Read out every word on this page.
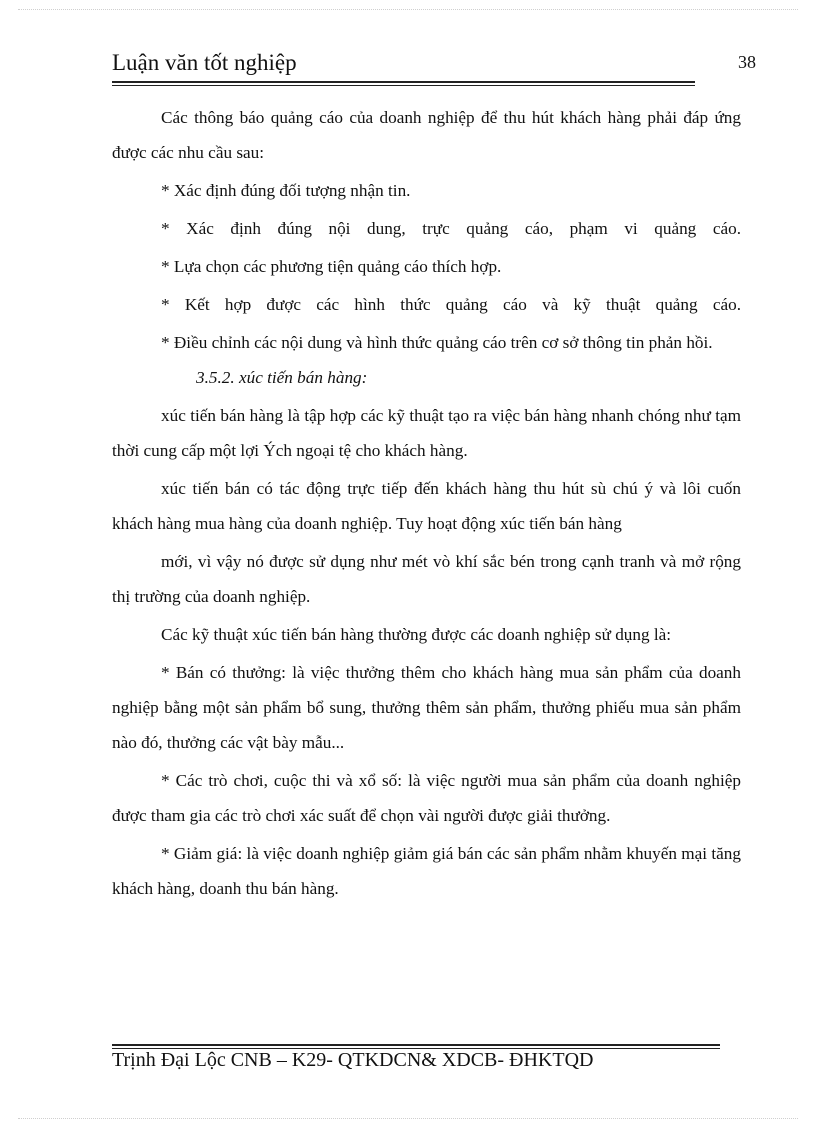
Luận văn tốt nghiệp	38

Các thông báo quảng cáo của doanh nghiệp để thu hút khách hàng phải đáp ứng được các nhu cầu sau:

* Xác định đúng đối tượng nhận tin.

* Xác định đúng nội dung, trực quảng cáo, phạm vi quảng cáo.

* Lựa chọn các phương tiện quảng cáo thích hợp.

* Kết hợp được các hình thức quảng cáo và kỹ thuật quảng cáo.

* Điều chỉnh các nội dung và hình thức quảng cáo trên cơ sở thông tin phản hồi.

3.5.2. xúc tiến bán hàng:

xúc tiến bán hàng là tập hợp các kỹ thuật tạo ra việc bán hàng nhanh chóng như tạm thời cung cấp một lợi Ých ngoại tệ cho khách hàng.

xúc tiến bán có tác động trực tiếp đến khách hàng thu hút sù chú ý và lôi cuốn khách hàng mua hàng của doanh nghiệp. Tuy hoạt động xúc tiến bán hàng

mới, vì vậy nó được sử dụng như mét vò khí sắc bén trong cạnh tranh và mở rộng thị trường của doanh nghiệp.

Các kỹ thuật xúc tiến bán hàng thường được các doanh nghiệp sử dụng là:

* Bán có thưởng: là việc thưởng thêm cho khách hàng mua sản phẩm của doanh nghiệp bằng một sản phẩm bổ sung, thưởng thêm sản phẩm, thưởng phiếu mua sản phẩm nào đó, thưởng các vật bày mẫu...

* Các trò chơi, cuộc thi và xổ số: là việc người mua sản phẩm của doanh nghiệp được tham gia các trò chơi xác suất để chọn vài người được giải thưởng.

* Giảm giá: là việc doanh nghiệp giảm giá bán các sản phẩm nhằm khuyến mại tăng khách hàng, doanh thu bán hàng.

Trịnh Đại Lộc CNB – K29- QTKDCN& XDCB- ĐHKTQD
